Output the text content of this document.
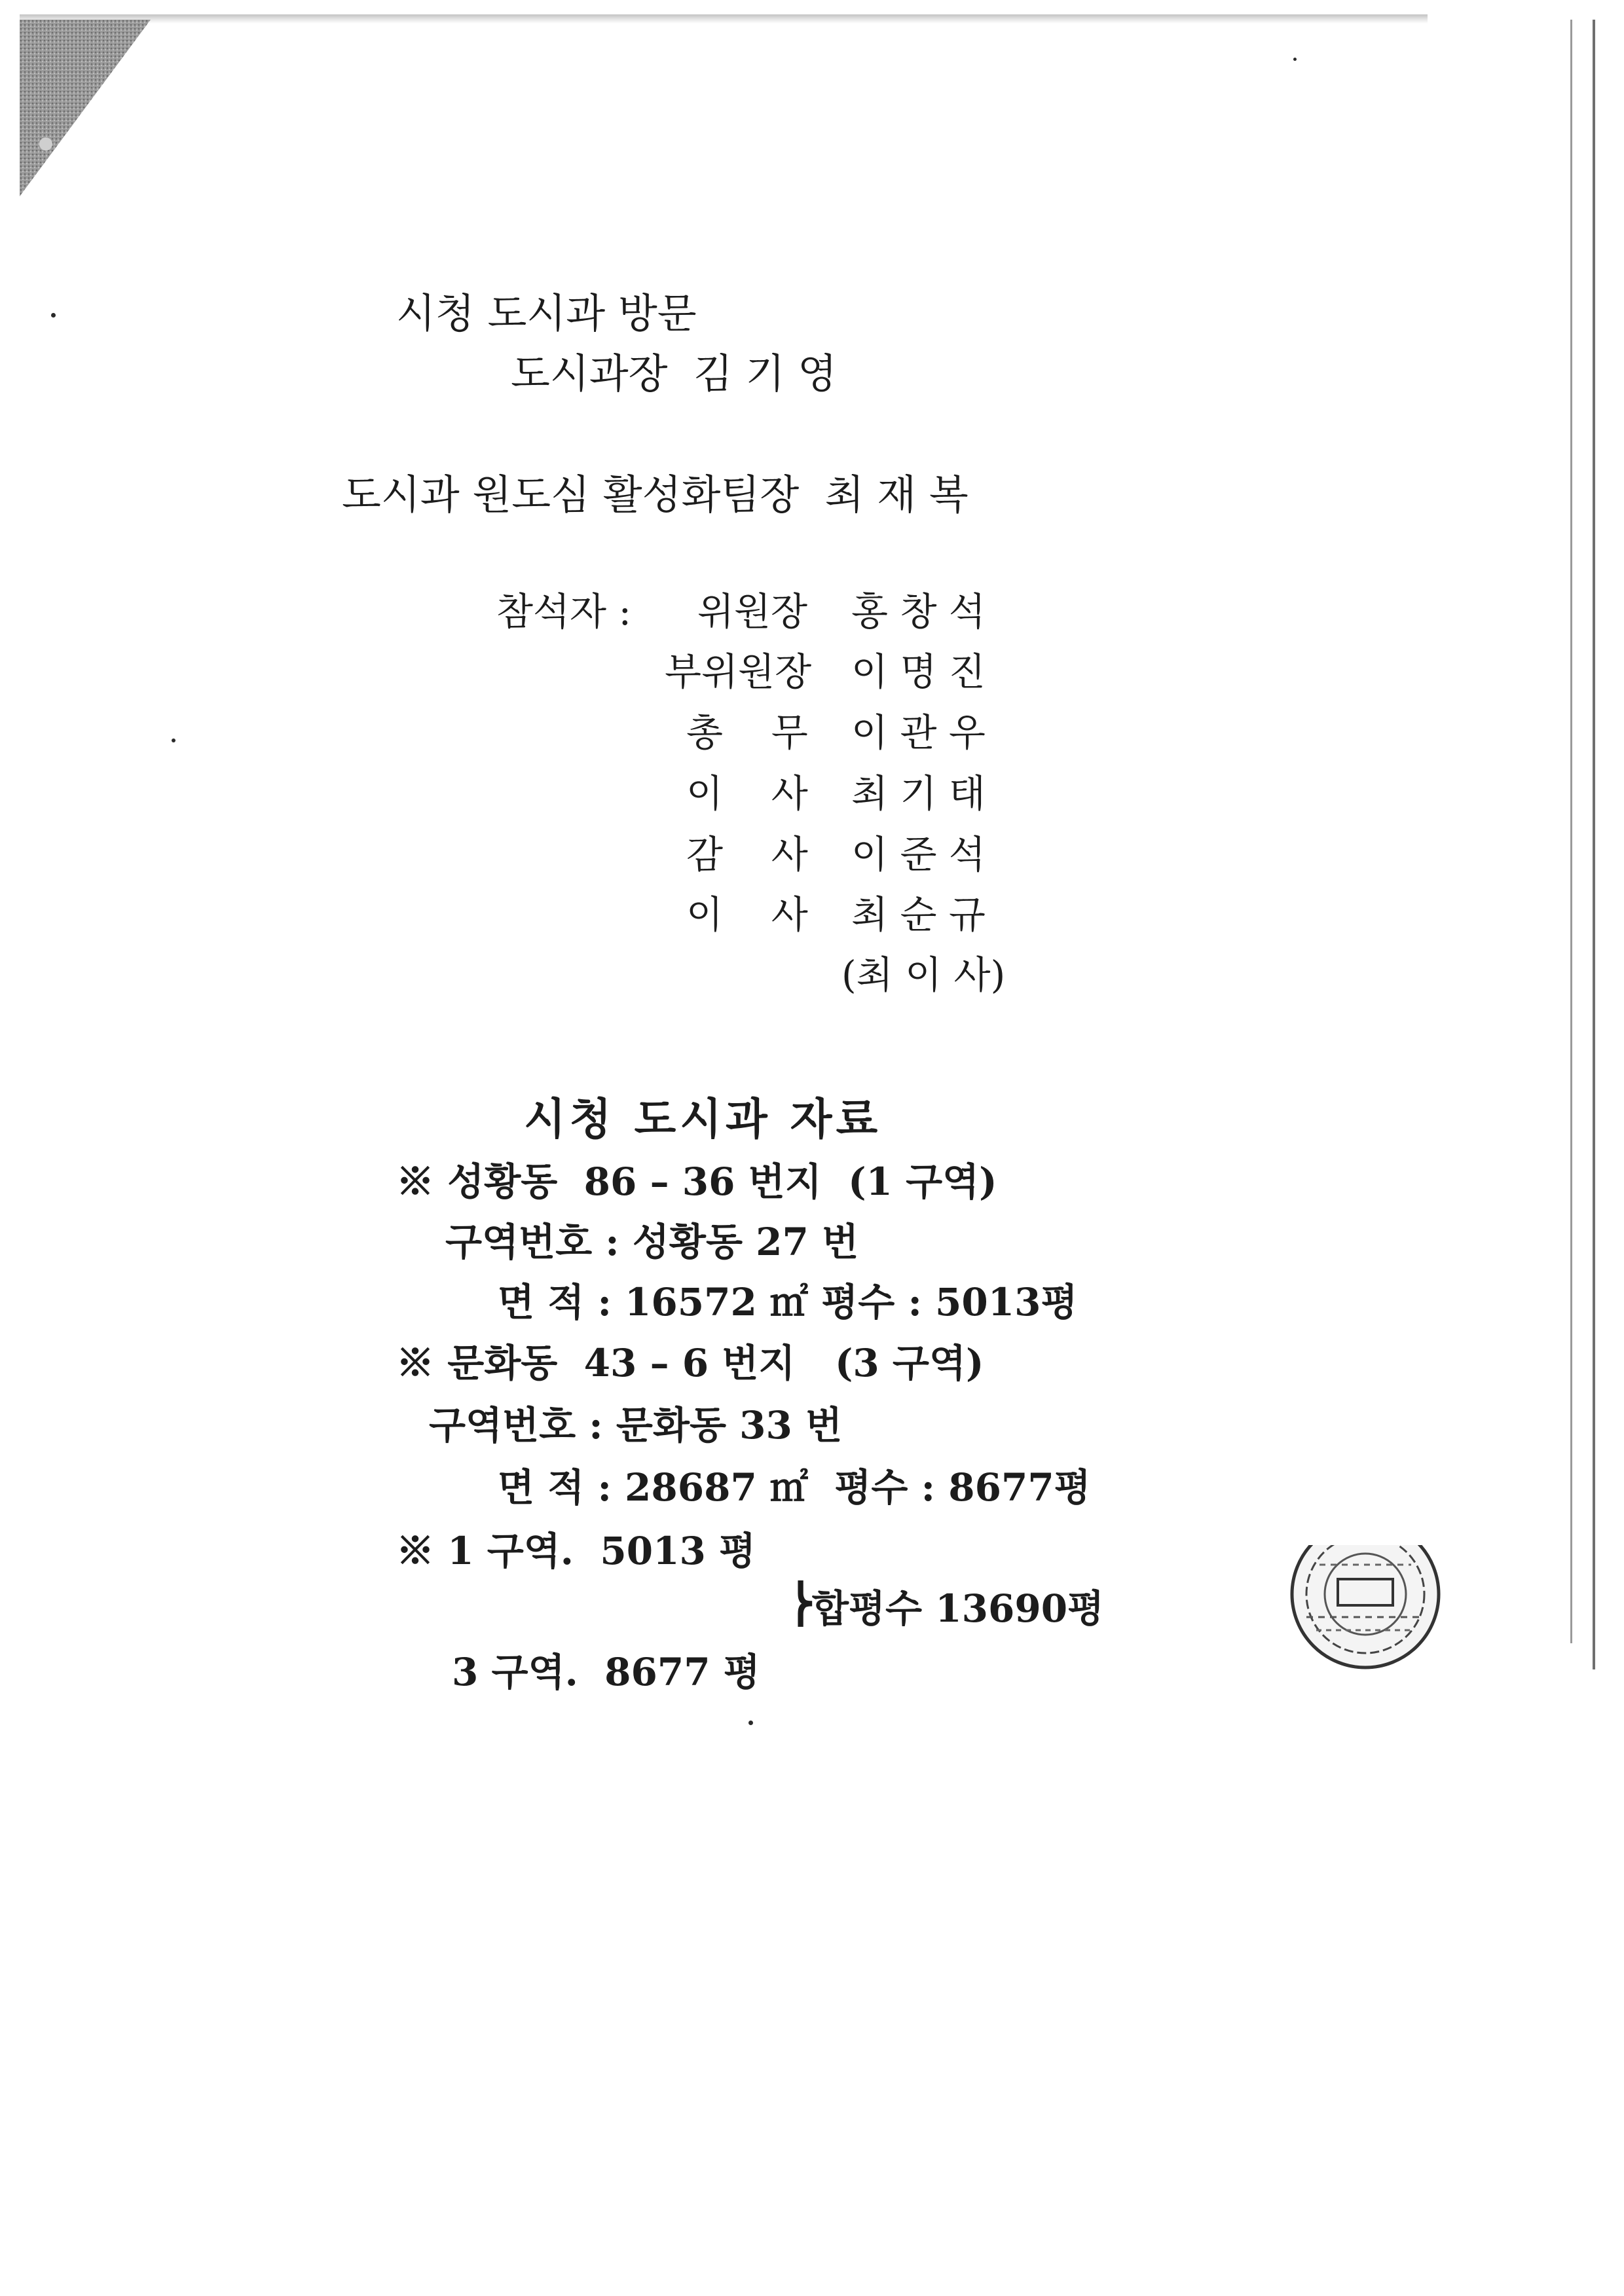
시청 도시과 방문
도시과장  김 기 영
도시과 원도심 활성화팀장  최 재 복
참석자 : 위원장 홍 창 석
부위원장 이 명 진
총    무 이 관 우
이    사 최 기 태
감    사 이 준 석
이    사 최 순 규
(최 이 사)
시청 도시과 자료
※ 성황동  86 – 36 번지  (1 구역)
구역번호 : 성황동 27 번
면 적 : 16572 ㎡ 평수 : 5013평
※ 문화동  43 – 6 번지   (3 구역)
구역번호 : 문화동 33 번
면 적 : 28687 ㎡  평수 : 8677평
※ 1 구역.  5013 평
⎬
합평수 13690평
3 구역.  8677 평
